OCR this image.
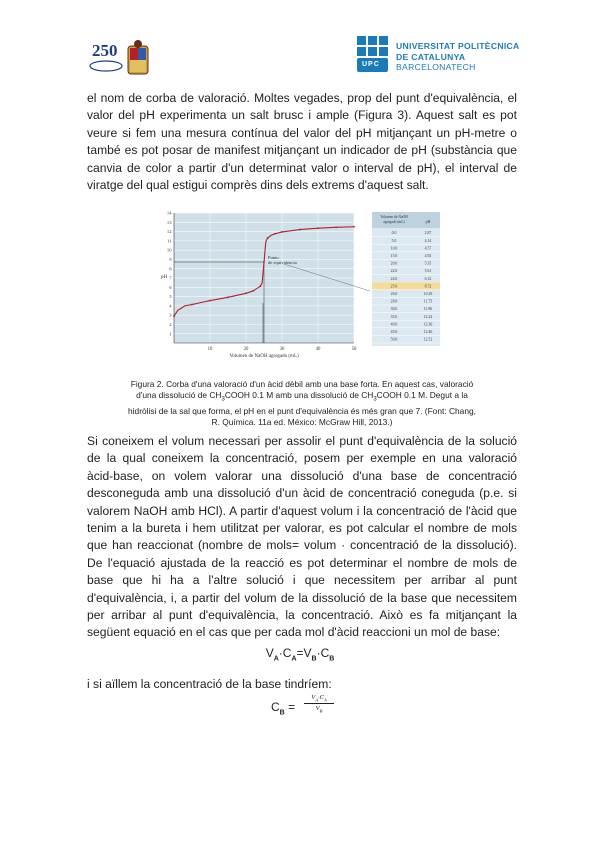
250	UNIVERSITAT POLITÈCNICA
DE CATALUNYA
BARCELONATECH
UPC
el nom de corba de valoració. Moltes vegades, prop del punt d'equivalència, el
valor del pH experimenta un salt brusc i ample (Figura 3). Aquest salt es pot
veure si fem una mesura contínua del valor del pH mitjançant un pH-metre o
també es pot posar de manifest mitjançant un indicador de pH (substància que
canvia de color a partir d'un determinat valor o interval de pH), el interval de
viratge del qual estigui comprès dins dels extrems d'aquest salt.
10	20	30	40	50
1
2
3
4
5
6
7
8
9
10
11
12
13
14
Volumen de NaOH agregado (mL)
pH
Punto de equivalencia
Volumen de NaOH
agregado (mL)	pH
0.0	2.87
5.0	4.14
10.0	4.57
15.0	4.92
20.0	5.35
22.0	5.61
24.0	6.12
25.0	8.72
26.0	10.29
28.0	11.75
30.0	11.96
35.0	12.22
40.0	12.36
45.0	12.46
50.0	12.52
Figura 2. Corba d'una valoració d'un àcid dèbil amb una base forta. En aquest cas, valoració
d'una dissolució de $CH_3COOH$ 0.1 M amb una dissolució de $CH_3COOH$ 0.1 M. Degut a la
hidròlisi de la sal que forma, el pH en el punt d'equivalència és més gran que 7. (Font: Chang,
R. Química. 11a ed. México: McGraw Hill, 2013.)
Si coneixem el volum necessari per assolir el punt d'equivalència de la solució
de la qual coneixem la concentració, posem per exemple en una valoració
àcid-base, on volem valorar una dissolució d'una base de concentració
desconeguda amb una dissolució d'un àcid de concentració coneguda (p.e. si
valorem NaOH amb HCl). A partir d'aquest volum i la concentració de l'àcid que
tenim a la bureta i hem utilitzat per valorar, es pot calcular el nombre de mols
que han reaccionat (nombre de mols= volum · concentració de la dissolució).
De l'equació ajustada de la reacció es pot determinar el nombre de mols de
base que hi ha a l'altre solució i que necessitem per arribar al punt
d'equivalència, i, a partir del volum de la dissolució de la base que necessitem
per arribar al punt d'equivalència, la concentració. Això es fa mitjançant la
següent equació en el cas que per cada mol d'àcid reaccioni un mol de base:
$V_A\cdot C_A=V_B\cdot C_B$
i si aïllem la concentració de la base tindríem:
$C_B = \frac{V_A\cdot C_A}{V_B}$
